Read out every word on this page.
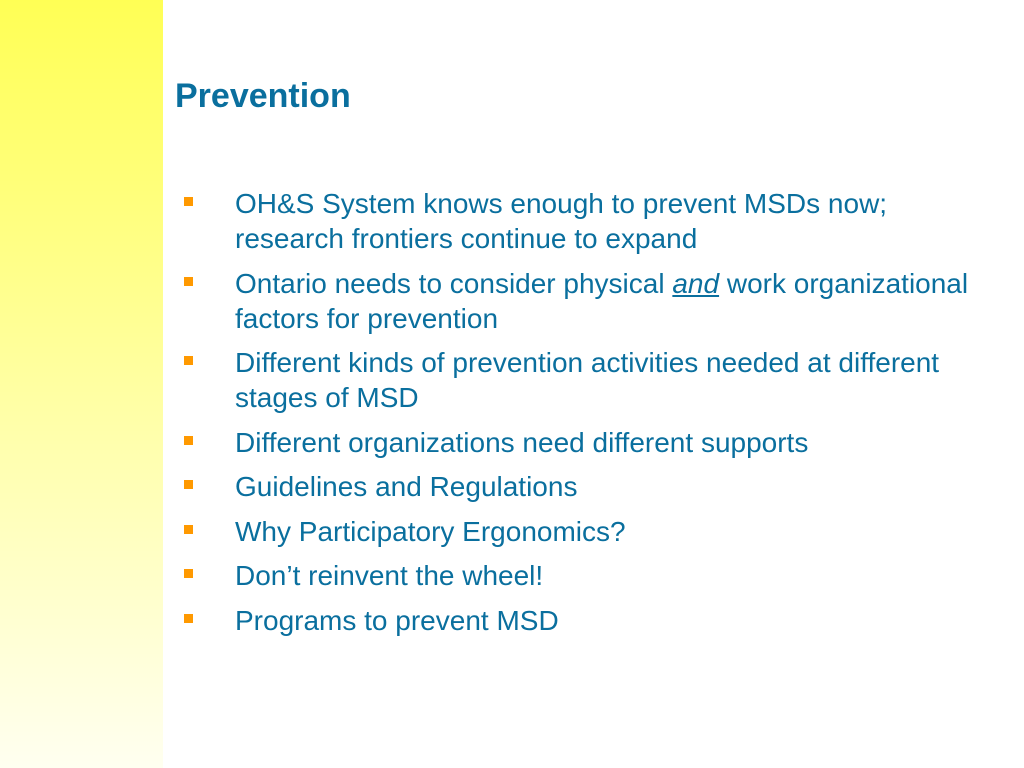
Prevention
OH&S System knows enough to prevent MSDs now; research frontiers continue to expand
Ontario needs to consider physical and work organizational factors for prevention
Different kinds of prevention activities needed at different stages of MSD
Different organizations need different supports
Guidelines and Regulations
Why Participatory Ergonomics?
Don’t reinvent the wheel!
Programs to prevent MSD
